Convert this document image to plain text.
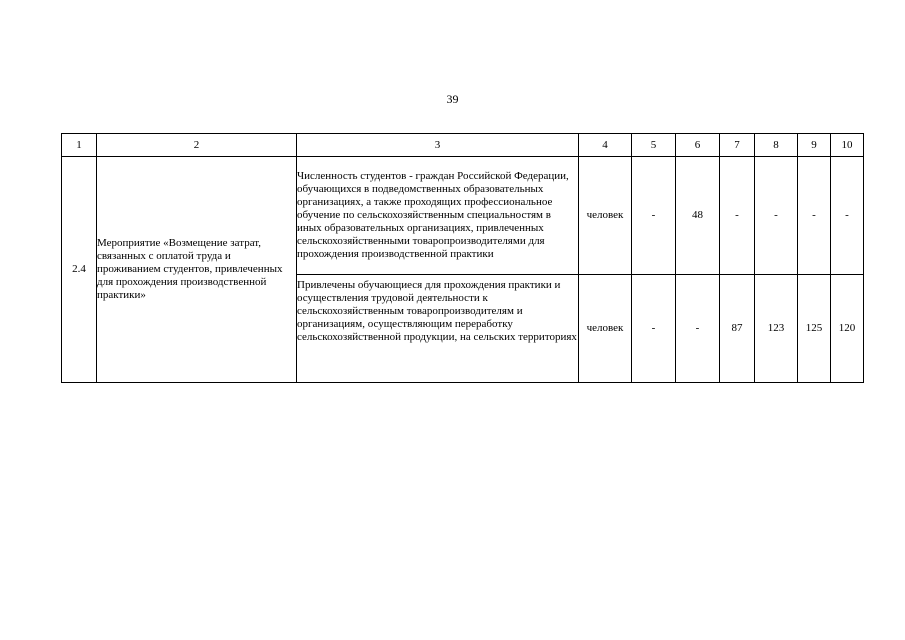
39
1	2	3	4	5	6	7	8	9	10
2.4	Мероприятие «Возмещение затрат, связанных с оплатой труда и проживанием студентов, привлеченных для прохождения производственной практики»	Численность студентов - граждан Российской Федерации, обучающихся в подведомственных образовательных организациях, а также проходящих профессиональное обучение по сельскохозяйственным специальностям в иных образовательных организациях, привлеченных сельскохозяйственными товаропроизводителями для прохождения производственной практики	человек	-	48	-	-	-	-
		Привлечены обучающиеся для прохождения практики и осуществления трудовой деятельности к сельскохозяйственным товаропроизводителям и организациям, осуществляющим переработку сельскохозяйственной продукции, на сельских территориях	человек	-	-	87	123	125	120
